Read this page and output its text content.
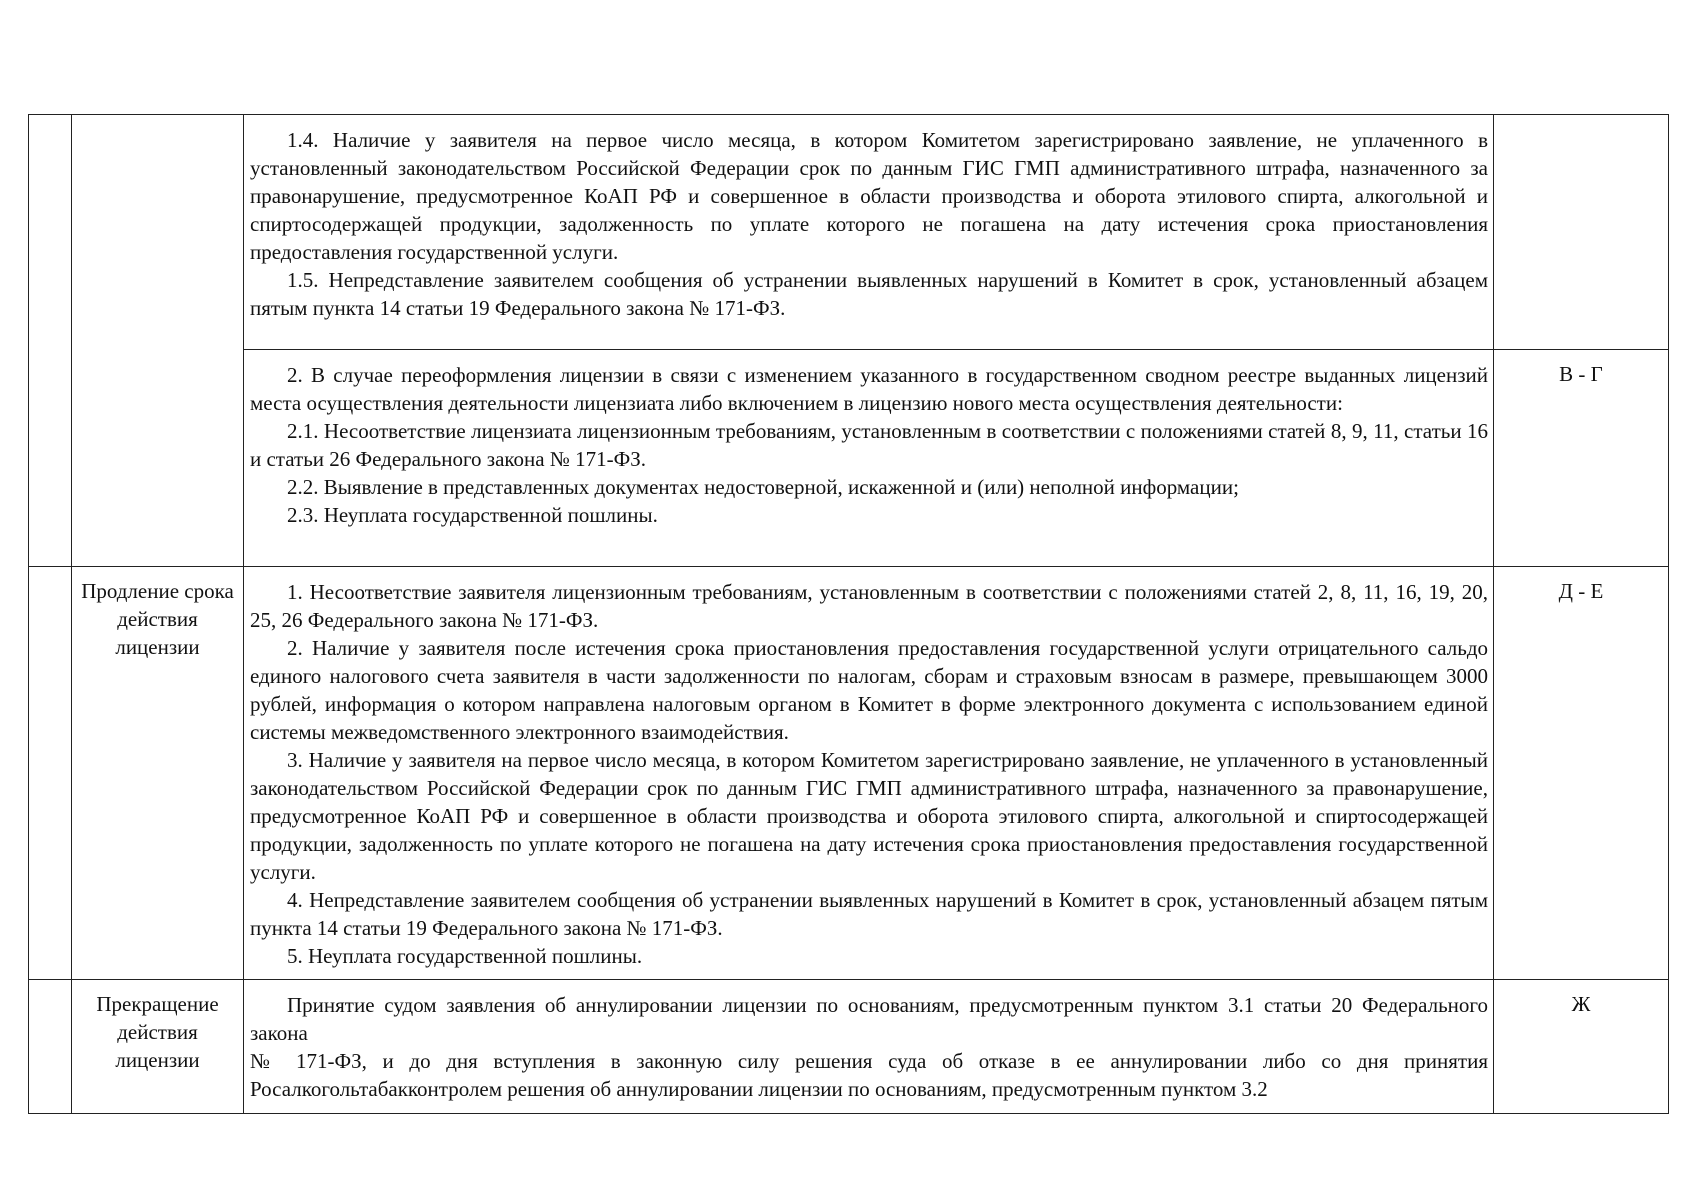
		1.4. Наличие у заявителя на первое число месяца, в котором Комитетом зарегистрировано заявление, не уплаченного в установленный законодательством Российской Федерации срок по данным ГИС ГМП административного штрафа, назначенного за правонарушение, предусмотренное КоАП РФ и совершенное в области производства и оборота этилового спирта, алкогольной и спиртосодержащей продукции, задолженность по уплате которого не погашена на дату истечения срока приостановления предоставления государственной услуги.

1.5. Непредставление заявителем сообщения об устранении выявленных нарушений в Комитет в срок, установленный абзацем пятым пункта 14 статьи 19 Федерального закона № 171-ФЗ.	

		2. В случае переоформления лицензии в связи с изменением указанного в государственном сводном реестре выданных лицензий места осуществления деятельности лицензиата либо включением в лицензию нового места осуществления деятельности:

2.1. Несоответствие лицензиата лицензионным требованиям, установленным в соответствии с положениями статей 8, 9, 11, статьи 16 и статьи 26 Федерального закона № 171-ФЗ.

2.2. Выявление в представленных документах недостоверной, искаженной и (или) неполной информации;

2.3. Неуплата государственной пошлины.	В - Г
	Продление срока действия лицензии	1. Несоответствие заявителя лицензионным требованиям, установленным в соответствии с положениями статей 2, 8, 11, 16, 19, 20, 25, 26 Федерального закона № 171-ФЗ.

2. Наличие у заявителя после истечения срока приостановления предоставления государственной услуги отрицательного сальдо единого налогового счета заявителя в части задолженности по налогам, сборам и страховым взносам в размере, превышающем 3000 рублей, информация о котором направлена налоговым органом в Комитет в форме электронного документа с использованием единой системы межведомственного электронного взаимодействия.

3. Наличие у заявителя на первое число месяца, в котором Комитетом зарегистрировано заявление, не уплаченного в установленный законодательством Российской Федерации срок по данным ГИС ГМП административного штрафа, назначенного за правонарушение, предусмотренное КоАП РФ и совершенное в области производства и оборота этилового спирта, алкогольной и спиртосодержащей продукции, задолженность по уплате которого не погашена на дату истечения срока приостановления предоставления государственной услуги.

4. Непредставление заявителем сообщения об устранении выявленных нарушений в Комитет в срок, установленный абзацем пятым пункта 14 статьи 19 Федерального закона № 171-ФЗ.

5. Неуплата государственной пошлины.	Д - Е
	Прекращение действия лицензии	Принятие судом заявления об аннулировании лицензии по основаниям, предусмотренным пунктом 3.1 статьи 20 Федерального закона

№ 171-ФЗ, и до дня вступления в законную силу решения суда об отказе в ее аннулировании либо со дня принятия Росалкогольтабакконтролем решения об аннулировании лицензии по основаниям, предусмотренным пунктом 3.2	Ж
